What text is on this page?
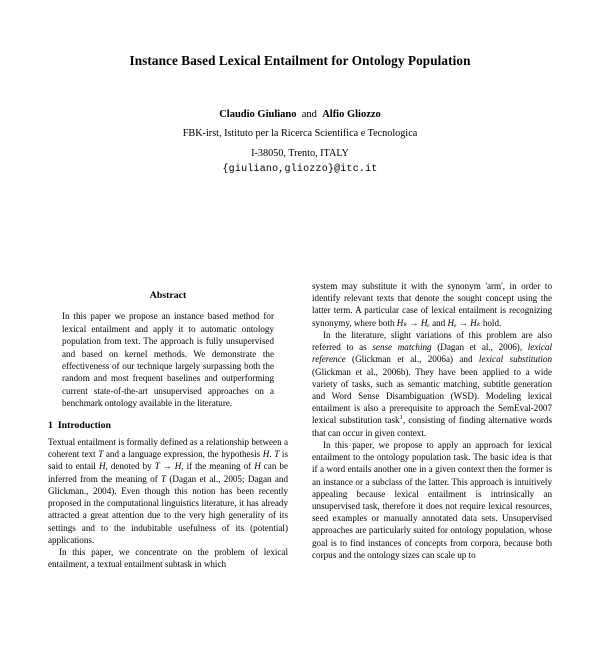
Instance Based Lexical Entailment for Ontology Population
Claudio Giuliano and Alfio Gliozzo
FBK-irst, Istituto per la Ricerca Scientifica e Tecnologica
I-38050, Trento, ITALY
{giuliano,gliozzo}@itc.it
Abstract
In this paper we propose an instance based method for lexical entailment and apply it to automatic ontology population from text. The approach is fully unsupervised and based on kernel methods. We demonstrate the effectiveness of our technique largely surpassing both the random and most frequent baselines and outperforming current state-of-the-art unsupervised approaches on a benchmark ontology available in the literature.
1 Introduction

Textual entailment is formally defined as a relationship between a coherent text T and a language expression, the hypothesis H. T is said to entail H, denoted by T → H, if the meaning of H can be inferred from the meaning of T (Dagan et al., 2005; Dagan and Glickman., 2004). Even though this notion has been recently proposed in the computational linguistics literature, it has already attracted a great attention due to the very high generality of its settings and to the indubitable usefulness of its (potential) applications.

In this paper, we concentrate on the problem of lexical entailment, a textual entailment subtask in which

system may substitute it with the synonym 'arm', in order to identify relevant texts that denote the sought concept using the latter term. A particular case of lexical entailment is recognizing synonymy, where both Hₖ → Hₑ and Hₑ → Hₖ hold.

In the literature, slight variations of this problem are also referred to as sense matching (Dagan et al., 2006), lexical reference (Glickman et al., 2006a) and lexical substitution (Glickman et al., 2006b). They have been applied to a wide variety of tasks, such as semantic matching, subtitle generation and Word Sense Disambiguation (WSD). Modeling lexical entailment is also a prerequisite to approach the SemEval-2007 lexical substitution task$^1$, consisting of finding alternative words that can occur in given context.

In this paper, we propose to apply an approach for lexical entailment to the ontology population task. The basic idea is that if a word entails another one in a given context then the former is an instance or a subclass of the latter. This approach is intuitively appealing because lexical entailment is intrinsically an unsupervised task, therefore it does not require lexical resources, seed examples or manually annotated data sets. Unsupervised approaches are particularly suited for ontology population, whose goal is to find instances of concepts from corpora, because both corpus and the ontology sizes can scale up to
